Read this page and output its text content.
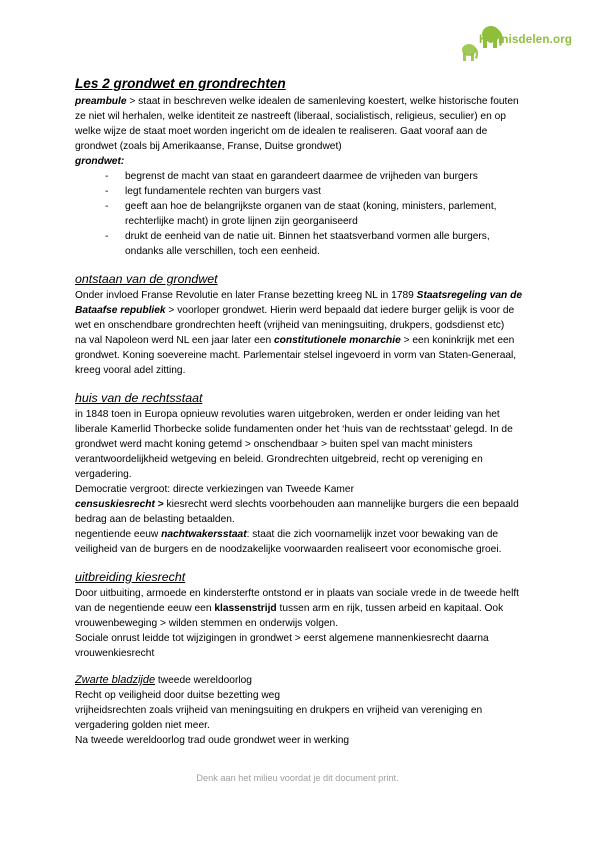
Kennisdelen.org
Les 2 grondwet en grondrechten

preambule > staat in beschreven welke idealen de samenleving koestert, welke historische fouten ze niet wil herhalen, welke identiteit ze nastreeft (liberaal, socialistisch, religieus, seculier) en op welke wijze de staat moet worden ingericht om de idealen te realiseren. Gaat vooraf aan de grondwet (zoals bij Amerikaanse, Franse, Duitse grondwet)

grondwet:

- begrenst de macht van staat en garandeert daarmee de vrijheden van burgers
- legt fundamentele rechten van burgers vast
- geeft aan hoe de belangrijkste organen van de staat (koning, ministers, parlement, rechterlijke macht) in grote lijnen zijn georganiseerd
- drukt de eenheid van de natie uit. Binnen het staatsverband vormen alle burgers, ondanks alle verschillen, toch een eenheid.
ontstaan van de grondwet

Onder invloed Franse Revolutie en later Franse bezetting kreeg NL in 1789 Staatsregeling van de Bataafse republiek > voorloper grondwet. Hierin werd bepaald dat iedere burger gelijk is voor de wet en onschendbare grondrechten heeft (vrijheid van meningsuiting, drukpers, godsdienst etc)

na val Napoleon werd NL een jaar later een constitutionele monarchie > een koninkrijk met een grondwet. Koning soevereine macht. Parlementair stelsel ingevoerd in vorm van Staten-Generaal, kreeg vooral adel zitting.

huis van de rechtsstaat

in 1848 toen in Europa opnieuw revoluties waren uitgebroken, werden er onder leiding van het liberale Kamerlid Thorbecke solide fundamenten onder het ‘huis van de rechtsstaat’ gelegd. In de grondwet werd macht koning getemd > onschendbaar > buiten spel van macht ministers verantwoordelijkheid wetgeving en beleid. Grondrechten uitgebreid, recht op vereniging en vergadering.

Democratie vergroot: directe verkiezingen van Tweede Kamer

censuskiesrecht > kiesrecht werd slechts voorbehouden aan mannelijke burgers die een bepaald bedrag aan de belasting betaalden.

negentiende eeuw nachtwakersstaat: staat die zich voornamelijk inzet voor bewaking van de veiligheid van de burgers en de noodzakelijke voorwaarden realiseert voor economische groei.

uitbreiding kiesrecht

Door uitbuiting, armoede en kindersterfte ontstond er in plaats van sociale vrede in de tweede helft van de negentiende eeuw een klassenstrijd tussen arm en rijk, tussen arbeid en kapitaal. Ook vrouwenbeweging > wilden stemmen en onderwijs volgen.

Sociale onrust leidde tot wijzigingen in grondwet > eerst algemene mannenkiesrecht daarna vrouwenkiesrecht

Zwarte bladzijde tweede wereldoorlog

Recht op veiligheid door duitse bezetting weg

vrijheidsrechten zoals vrijheid van meningsuiting en drukpers en vrijheid van vereniging en vergadering golden niet meer.

Na tweede wereldoorlog trad oude grondwet weer in werking

Denk aan het milieu voordat je dit document print.
